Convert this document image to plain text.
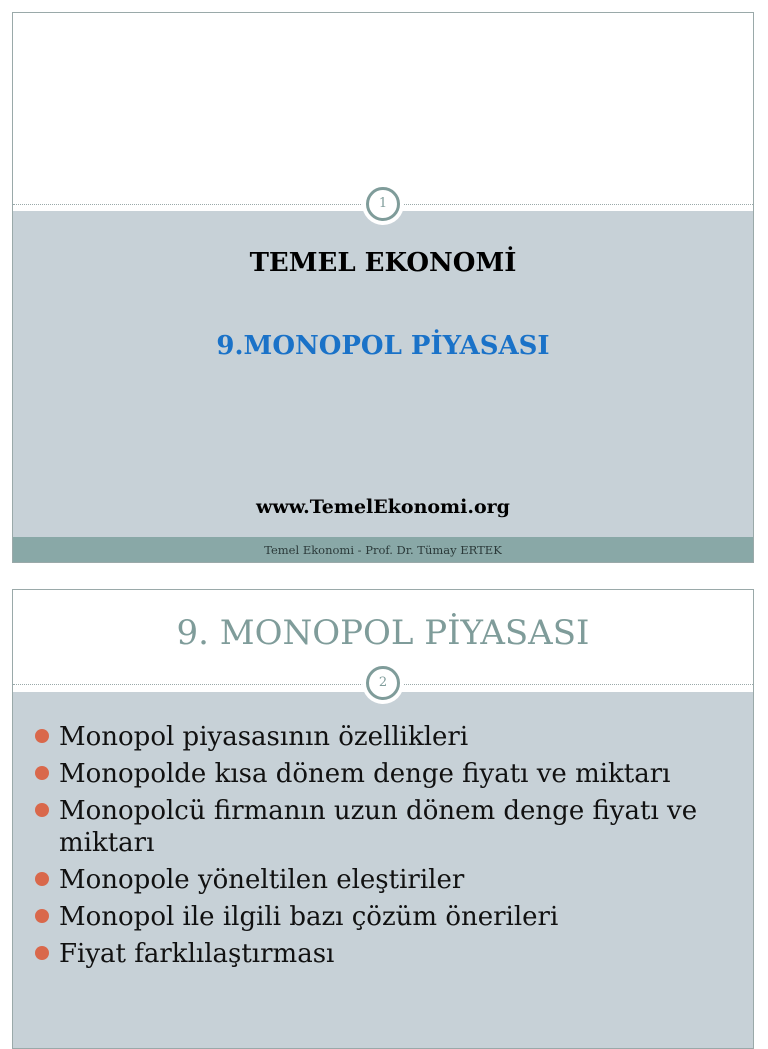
1
TEMEL EKONOMİ
9.MONOPOL PİYASASI
www.TemelEkonomi.org
Temel Ekonomi - Prof. Dr. Tümay ERTEK
2
9. MONOPOL PİYASASI
Monopol piyasasının özellikleri
Monopolde kısa dönem denge fiyatı ve miktarı
Monopolcü firmanın uzun dönem denge fiyatı ve miktarı
Monopole yöneltilen eleştiriler
Monopol ile ilgili bazı çözüm önerileri
Fiyat farklılaştırması
